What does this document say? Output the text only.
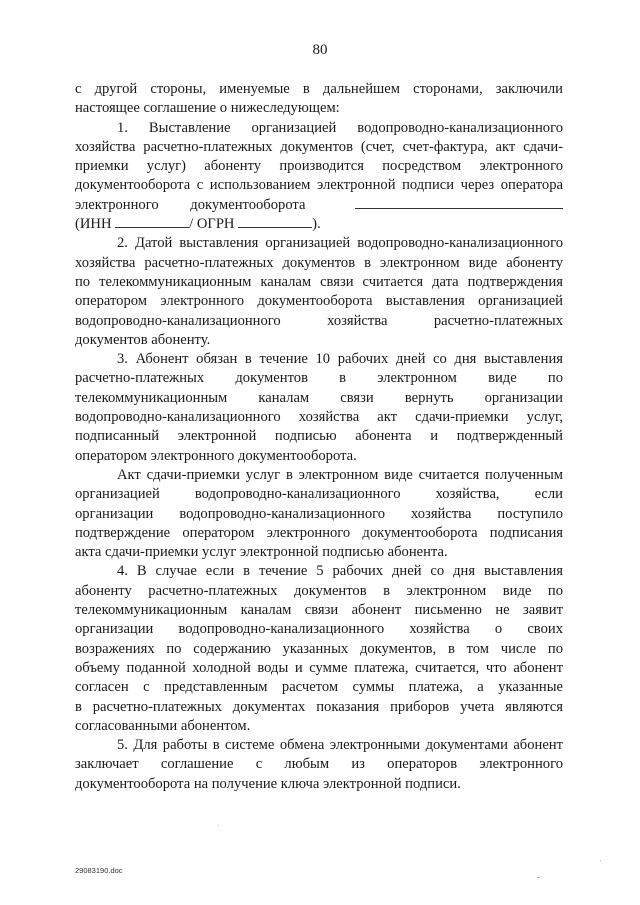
80
с другой стороны, именуемые в дальнейшем сторонами, заключили
настоящее соглашение о нижеследующем:
1. Выставление организацией водопроводно-канализационного
хозяйства расчетно-платежных документов (счет, счет-фактура, акт сдачи-
приемки услуг) абоненту производится посредством электронного
документооборота с использованием электронной подписи через оператора
электронного документооборота
(ИНН	/ ОГРН	).
2. Датой выставления организацией водопроводно-канализационного
хозяйства расчетно-платежных документов в электронном виде абоненту
по телекоммуникационным каналам связи считается дата подтверждения
оператором электронного документооборота выставления организацией
водопроводно-канализационного хозяйства расчетно-платежных
документов абоненту.
3. Абонент обязан в течение 10 рабочих дней со дня выставления
расчетно-платежных документов в электронном виде по
телекоммуникационным каналам связи вернуть организации
водопроводно-канализационного хозяйства акт сдачи-приемки услуг,
подписанный электронной подписью абонента и подтвержденный
оператором электронного документооборота.
Акт сдачи-приемки услуг в электронном виде считается полученным
организацией водопроводно-канализационного хозяйства, если
организации водопроводно-канализационного хозяйства поступило
подтверждение оператором электронного документооборота подписания
акта сдачи-приемки услуг электронной подписью абонента.
4. В случае если в течение 5 рабочих дней со дня выставления
абоненту расчетно-платежных документов в электронном виде по
телекоммуникационным каналам связи абонент письменно не заявит
организации водопроводно-канализационного хозяйства о своих
возражениях по содержанию указанных документов, в том числе по
объему поданной холодной воды и сумме платежа, считается, что абонент
согласен с представленным расчетом суммы платежа, а указанные
в расчетно-платежных документах показания приборов учета являются
согласованными абонентом.
5. Для работы в системе обмена электронными документами абонент
заключает соглашение с любым из операторов электронного
документооборота на получение ключа электронной подписи.
29083190.doc
